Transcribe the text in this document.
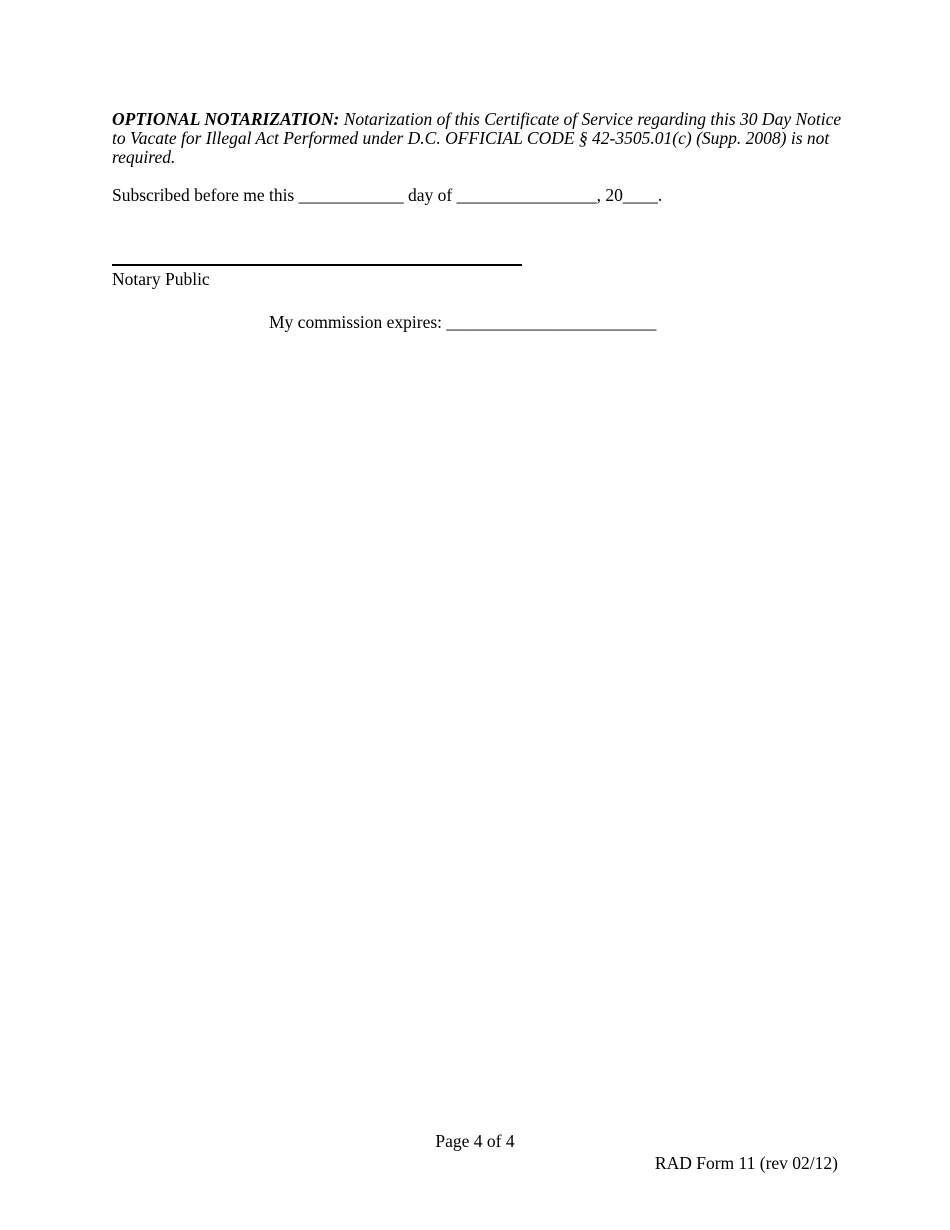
OPTIONAL NOTARIZATION: Notarization of this Certificate of Service regarding this 30 Day Notice to Vacate for Illegal Act Performed under D.C. OFFICIAL CODE § 42-3505.01(c) (Supp. 2008) is not required.

Subscribed before me this ____________ day of ________________, 20____.
Notary Public
My commission expires: ________________________
Page 4 of 4
RAD Form 11 (rev 02/12)
